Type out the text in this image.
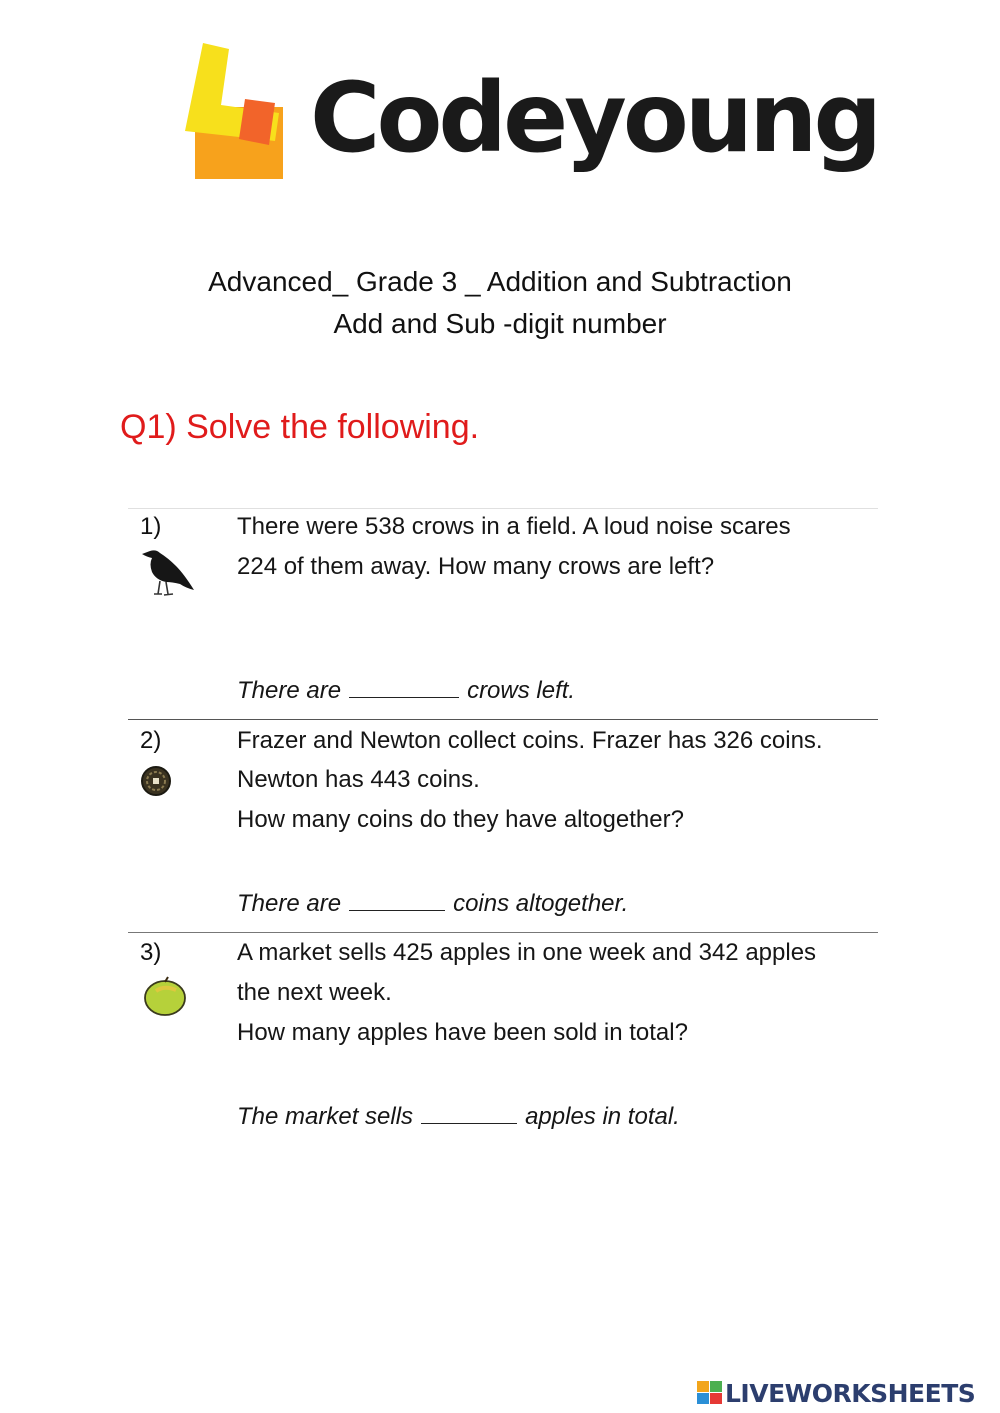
Codeyoung
Advanced_ Grade 3 _ Addition and Subtraction
Add and Sub -digit number
Q1) Solve the following.
1)	There were 538 crows in a field. A loud noise scares
224 of them away. How many crows are left?
There are	crows left.
2)	Frazer and Newton collect coins. Frazer has 326 coins.
Newton has 443 coins.
How many coins do they have altogether?
There are	coins altogether.
3)	A market sells 425 apples in one week and 342 apples
the next week.
How many apples have been sold in total?
The market sells	apples in total.
LIVEWORKSHEETS
